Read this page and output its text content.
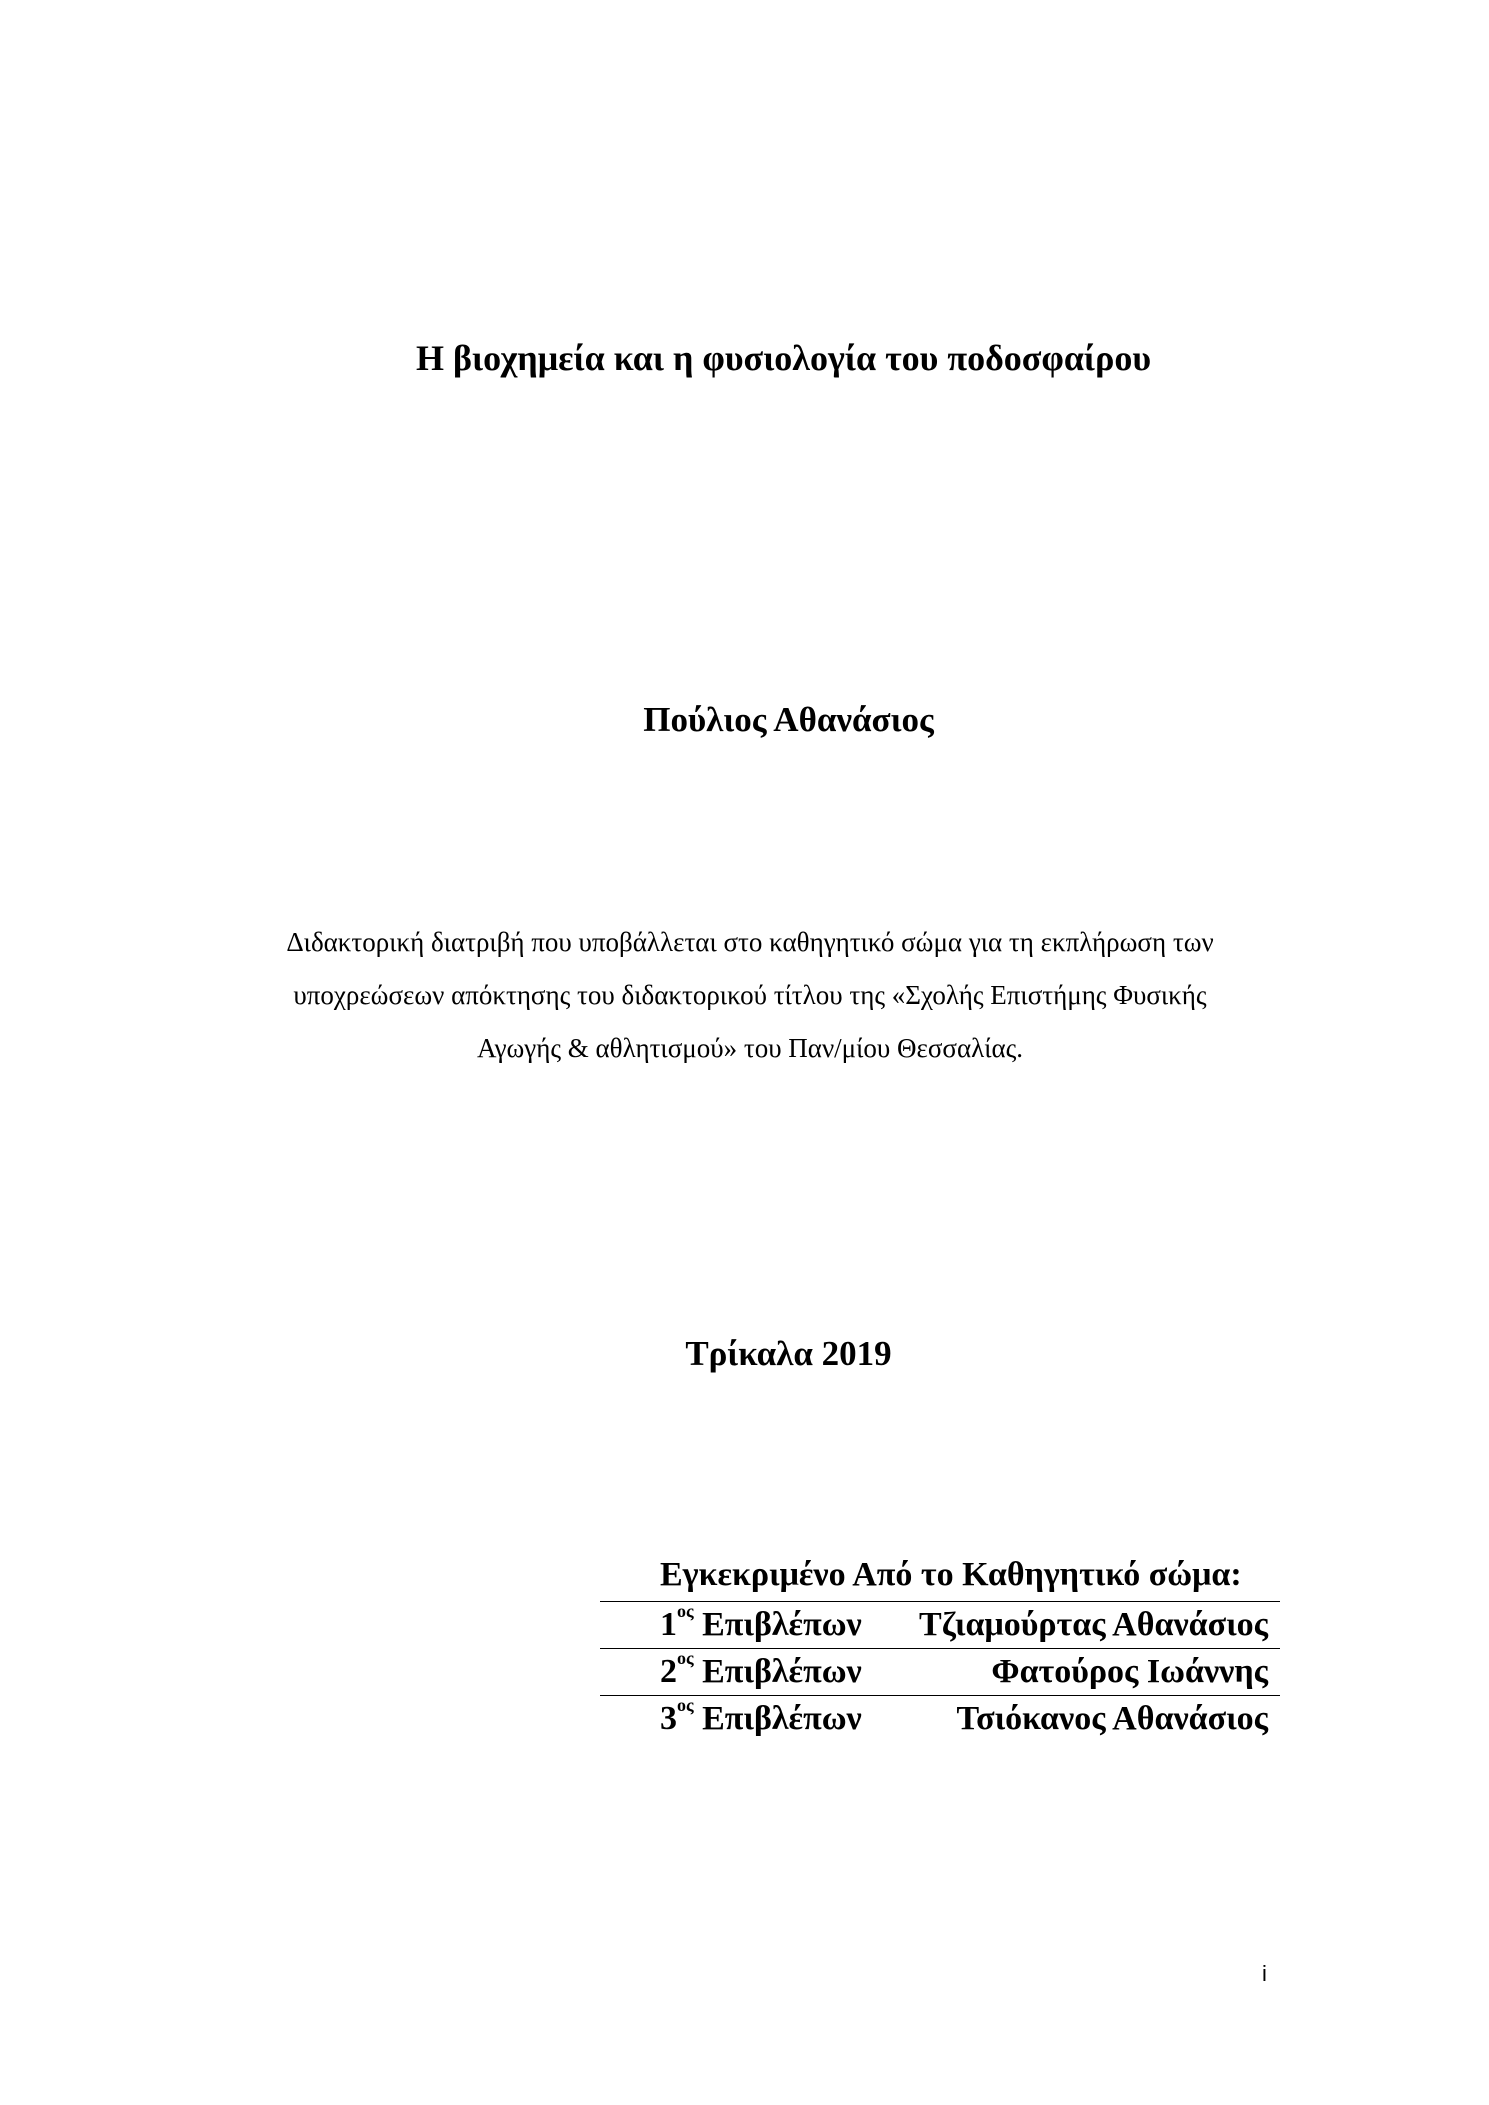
Η βιοχημεία και η φυσιολογία του ποδοσφαίρου
Πούλιος Αθανάσιος
Διδακτορική διατριβή που υποβάλλεται στο καθηγητικό σώμα για τη εκπλήρωση των
υποχρεώσεων απόκτησης του διδακτορικού τίτλου της «Σχολής Επιστήμης Φυσικής
Αγωγής & αθλητισμού» του Παν/μίου Θεσσαλίας.
Τρίκαλα 2019
Εγκεκριμένο Από το Καθηγητικό σώμα:
$1^{o\varsigma}$ Επιβλέπων	Τζιαμούρτας Αθανάσιος
$2^{o\varsigma}$ Επιβλέπων	Φατούρος Ιωάννης
$3^{o\varsigma}$ Επιβλέπων	Τσιόκανος Αθανάσιος
i
